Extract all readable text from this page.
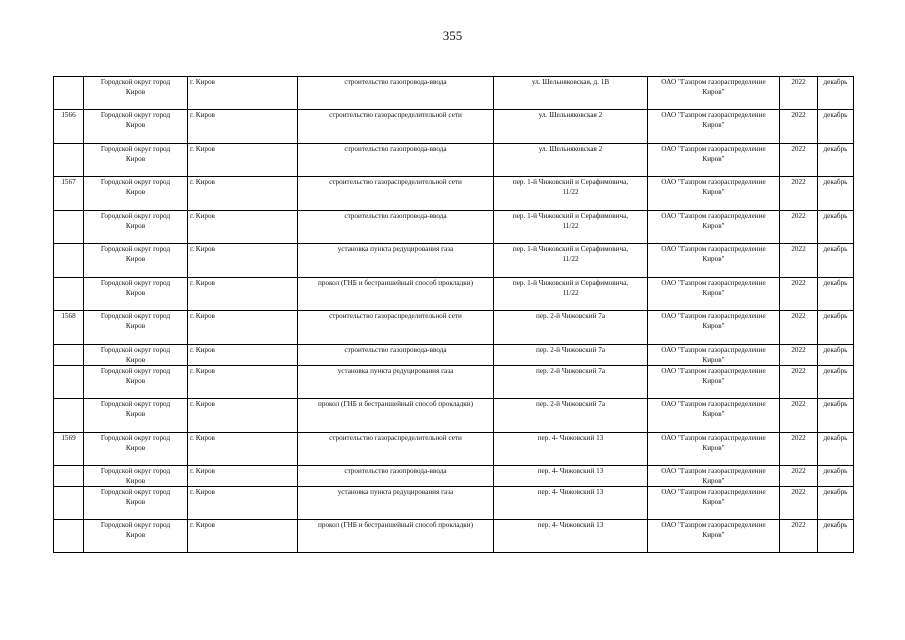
355

	Городской округ город
Киров	г. Киров	строительство газопровода-ввода	ул. Шельняковская, д. 1В	ОАО "Газпром газораспределение
Киров"	2022	декабрь

1566	Городской округ город
Киров	г. Киров	строительство газораспределительной сети	ул. Шельняковская 2	ОАО "Газпром газораспределение
Киров"	2022	декабрь

	Городской округ город
Киров	г. Киров	строительство газопровода-ввода	ул. Шельняковская 2	ОАО "Газпром газораспределение
Киров"	2022	декабрь

1567	Городской округ город
Киров	г. Киров	строительство газораспределительной сети	пер. 1-й Чижовский и Серафимовича,
11/22	ОАО "Газпром газораспределение
Киров"	2022	декабрь

	Городской округ город
Киров	г. Киров	строительство газопровода-ввода	пер. 1-й Чижовский и Серафимовича,
11/22	ОАО "Газпром газораспределение
Киров"	2022	декабрь

	Городской округ город
Киров	г. Киров	установка пункта редуцирования газа	пер. 1-й Чижовский и Серафимовича,
11/22	ОАО "Газпром газораспределение
Киров"	2022	декабрь

	Городской округ город
Киров	г. Киров	прокол (ГНБ и бестраншейный способ прокладки)	пер. 1-й Чижовский и Серафимовича,
11/22	ОАО "Газпром газораспределение
Киров"	2022	декабрь

1568	Городской округ город
Киров	г. Киров	строительство газораспределительной сети	пер. 2-й Чижовский 7а	ОАО "Газпром газораспределение
Киров"	2022	декабрь

	Городской округ город
Киров	г. Киров	строительство газопровода-ввода	пер. 2-й Чижовский 7а	ОАО "Газпром газораспределение
Киров"	2022	декабрь

	Городской округ город
Киров	г. Киров	установка пункта редуцирования газа	пер. 2-й Чижовский 7а	ОАО "Газпром газораспределение
Киров"	2022	декабрь

	Городской округ город
Киров	г. Киров	прокол (ГНБ и бестраншейный способ прокладки)	пер. 2-й Чижовский 7а	ОАО "Газпром газораспределение
Киров"	2022	декабрь

1569	Городской округ город
Киров	г. Киров	строительство газораспределительной сети	пер. 4- Чижовский 13	ОАО "Газпром газораспределение
Киров"	2022	декабрь

	Городской округ город
Киров	г. Киров	строительство газопровода-ввода	пер. 4- Чижовский 13	ОАО "Газпром газораспределение
Киров"	2022	декабрь

	Городской округ город
Киров	г. Киров	установка пункта редуцирования газа	пер. 4- Чижовский 13	ОАО "Газпром газораспределение
Киров"	2022	декабрь

	Городской округ город
Киров	г. Киров	прокол (ГНБ и бестраншейный способ прокладки)	пер. 4- Чижовский 13	ОАО "Газпром газораспределение
Киров"	2022	декабрь
